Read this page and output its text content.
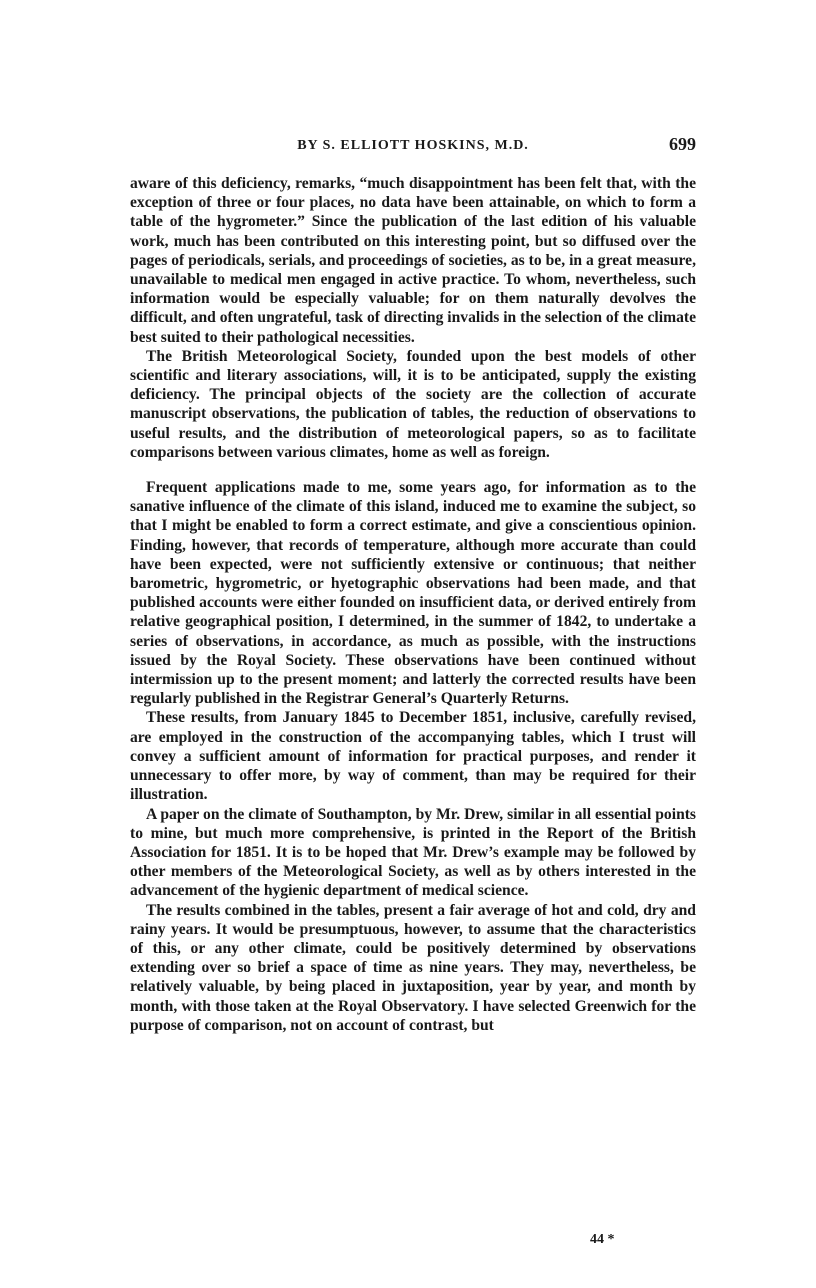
BY S. ELLIOTT HOSKINS, M.D.	699

aware of this deficiency, remarks, “much disappointment has been felt that, with the exception of three or four places, no data have been attainable, on which to form a table of the hygrometer.” Since the publication of the last edition of his valuable work, much has been contributed on this interesting point, but so diffused over the pages of periodicals, serials, and proceedings of societies, as to be, in a great measure, unavailable to medical men engaged in active practice. To whom, nevertheless, such information would be especially valuable; for on them naturally devolves the difficult, and often ungrateful, task of directing invalids in the selection of the climate best suited to their pathological necessities.

The British Meteorological Society, founded upon the best models of other scientific and literary associations, will, it is to be anticipated, supply the existing deficiency. The principal objects of the society are the collection of accurate manuscript observations, the publication of tables, the reduction of observations to useful results, and the distribution of meteorological papers, so as to facilitate comparisons between various climates, home as well as foreign.

Frequent applications made to me, some years ago, for information as to the sanative influence of the climate of this island, induced me to examine the subject, so that I might be enabled to form a correct estimate, and give a conscientious opinion. Finding, however, that records of temperature, although more accurate than could have been expected, were not sufficiently extensive or continuous; that neither barometric, hygrometric, or hyetographic observations had been made, and that published accounts were either founded on insufficient data, or derived entirely from relative geographical position, I determined, in the summer of 1842, to undertake a series of observations, in accordance, as much as possible, with the instructions issued by the Royal Society. These observations have been continued without intermission up to the present moment; and latterly the corrected results have been regularly published in the Registrar General’s Quarterly Returns.

These results, from January 1845 to December 1851, inclusive, carefully revised, are employed in the construction of the accompanying tables, which I trust will convey a sufficient amount of information for practical purposes, and render it unnecessary to offer more, by way of comment, than may be required for their illustration.

A paper on the climate of Southampton, by Mr. Drew, similar in all essential points to mine, but much more comprehensive, is printed in the Report of the British Association for 1851. It is to be hoped that Mr. Drew’s example may be followed by other members of the Meteorological Society, as well as by others interested in the advancement of the hygienic department of medical science.

The results combined in the tables, present a fair average of hot and cold, dry and rainy years. It would be presumptuous, however, to assume that the characteristics of this, or any other climate, could be positively determined by observations extending over so brief a space of time as nine years. They may, nevertheless, be relatively valuable, by being placed in juxtaposition, year by year, and month by month, with those taken at the Royal Observatory. I have selected Greenwich for the purpose of comparison, not on account of contrast, but

44 *
